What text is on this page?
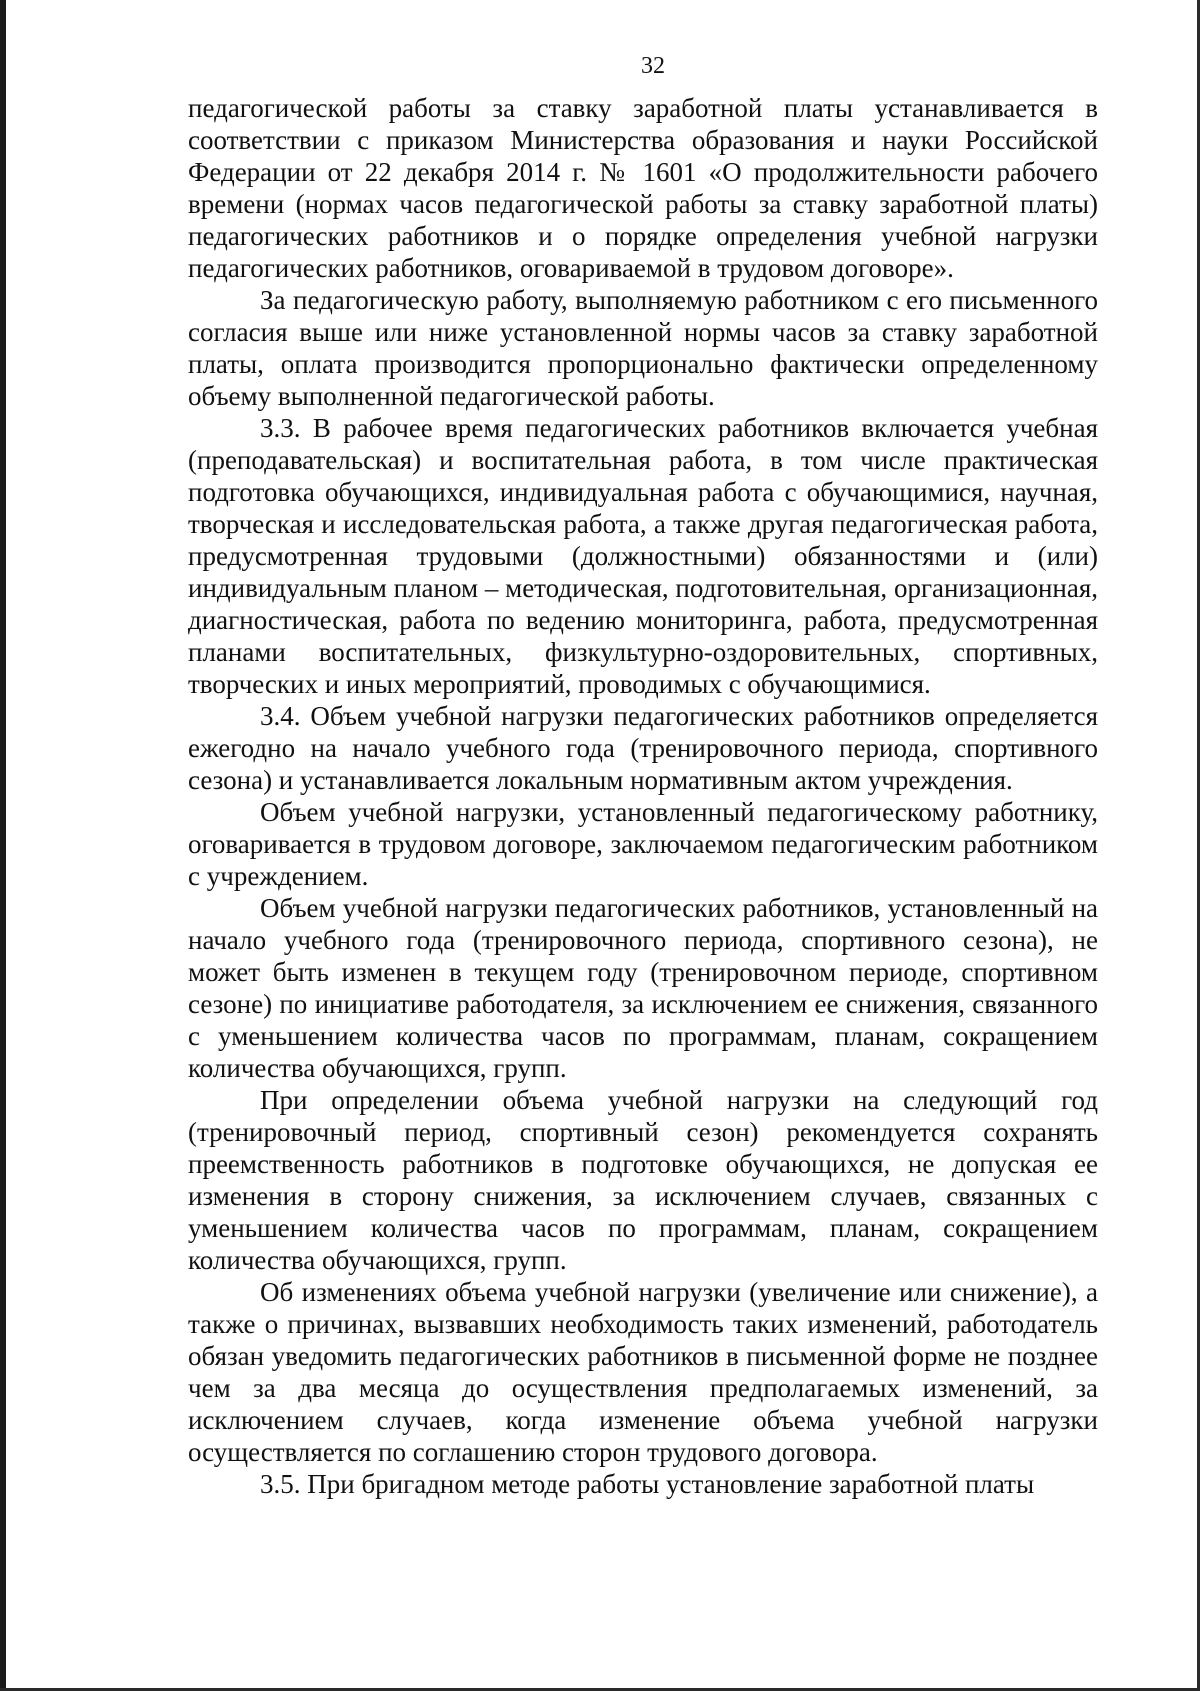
32

педагогической работы за ставку заработной платы устанавливается в соответствии с приказом Министерства образования и науки Российской Федерации от 22 декабря 2014 г. № 1601 «О продолжительности рабочего времени (нормах часов педагогической работы за ставку заработной платы) педагогических работников и о порядке определения учебной нагрузки педагогических работников, оговариваемой в трудовом договоре».

За педагогическую работу, выполняемую работником с его письменного согласия выше или ниже установленной нормы часов за ставку заработной платы, оплата производится пропорционально фактически определенному объему выполненной педагогической работы.

3.3. В рабочее время педагогических работников включается учебная (преподавательская) и воспитательная работа, в том числе практическая подготовка обучающихся, индивидуальная работа с обучающимися, научная, творческая и исследовательская работа, а также другая педагогическая работа, предусмотренная трудовыми (должностными) обязанностями и (или) индивидуальным планом – методическая, подготовительная, организационная, диагностическая, работа по ведению мониторинга, работа, предусмотренная планами воспитательных, физкультурно-оздоровительных, спортивных, творческих и иных мероприятий, проводимых с обучающимися.

3.4. Объем учебной нагрузки педагогических работников определяется ежегодно на начало учебного года (тренировочного периода, спортивного сезона) и устанавливается локальным нормативным актом учреждения.

Объем учебной нагрузки, установленный педагогическому работнику, оговаривается в трудовом договоре, заключаемом педагогическим работником с учреждением.

Объем учебной нагрузки педагогических работников, установленный на начало учебного года (тренировочного периода, спортивного сезона), не может быть изменен в текущем году (тренировочном периоде, спортивном сезоне) по инициативе работодателя, за исключением ее снижения, связанного с уменьшением количества часов по программам, планам, сокращением количества обучающихся, групп.

При определении объема учебной нагрузки на следующий год (тренировочный период, спортивный сезон) рекомендуется сохранять преемственность работников в подготовке обучающихся, не допуская ее изменения в сторону снижения, за исключением случаев, связанных с уменьшением количества часов по программам, планам, сокращением количества обучающихся, групп.

Об изменениях объема учебной нагрузки (увеличение или снижение), а также о причинах, вызвавших необходимость таких изменений, работодатель обязан уведомить педагогических работников в письменной форме не позднее чем за два месяца до осуществления предполагаемых изменений, за исключением случаев, когда изменение объема учебной нагрузки осуществляется по соглашению сторон трудового договора.

3.5. При бригадном методе работы установление заработной платы
